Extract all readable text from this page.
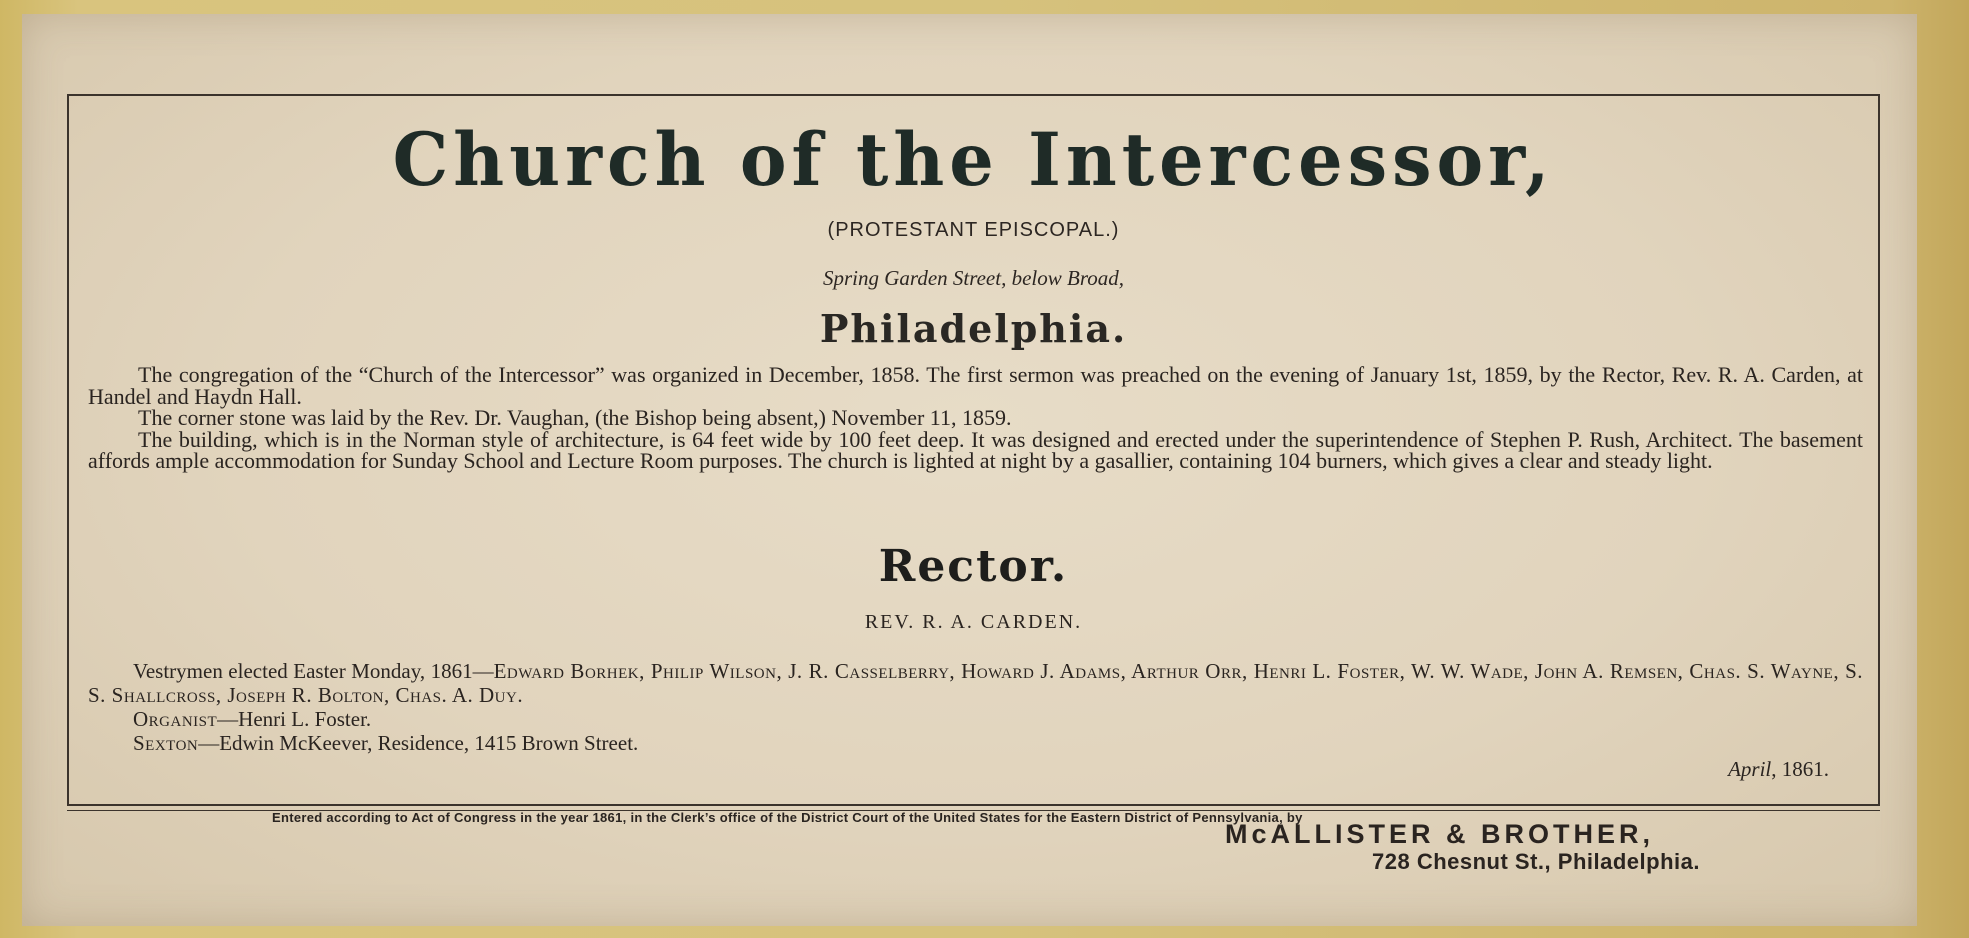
Church of the Intercessor,
(PROTESTANT EPISCOPAL.)
Spring Garden Street, below Broad,
Philadelphia.

The congregation of the “Church of the Intercessor” was organized in December, 1858. The first sermon was preached on the evening of January 1st, 1859, by the Rector, Rev. R. A. Carden, at Handel and Haydn Hall.

The corner stone was laid by the Rev. Dr. Vaughan, (the Bishop being absent,) November 11, 1859.

The building, which is in the Norman style of architecture, is 64 feet wide by 100 feet deep. It was designed and erected under the superintendence of Stephen P. Rush, Architect. The basement affords ample accommodation for Sunday School and Lecture Room purposes. The church is lighted at night by a gasallier, containing 104 burners, which gives a clear and steady light.

Rector.
REV. R. A. CARDEN.

Vestrymen elected Easter Monday, 1861—Edward Borhek, Philip Wilson, J. R. Casselberry, Howard J. Adams, Arthur Orr, Henri L. Foster, W. W. Wade, John A. Remsen, Chas. S. Wayne, S. S. Shallcross, Joseph R. Bolton, Chas. A. Duy.

Organist—Henri L. Foster.

Sexton—Edwin McKeever, Residence, 1415 Brown Street.

April, 1861.
Entered according to Act of Congress in the year 1861, in the Clerk’s office of the District Court of the United States for the Eastern District of Pennsylvania, by
McALLISTER & BROTHER,
728 Chesnut St., Philadelphia.
